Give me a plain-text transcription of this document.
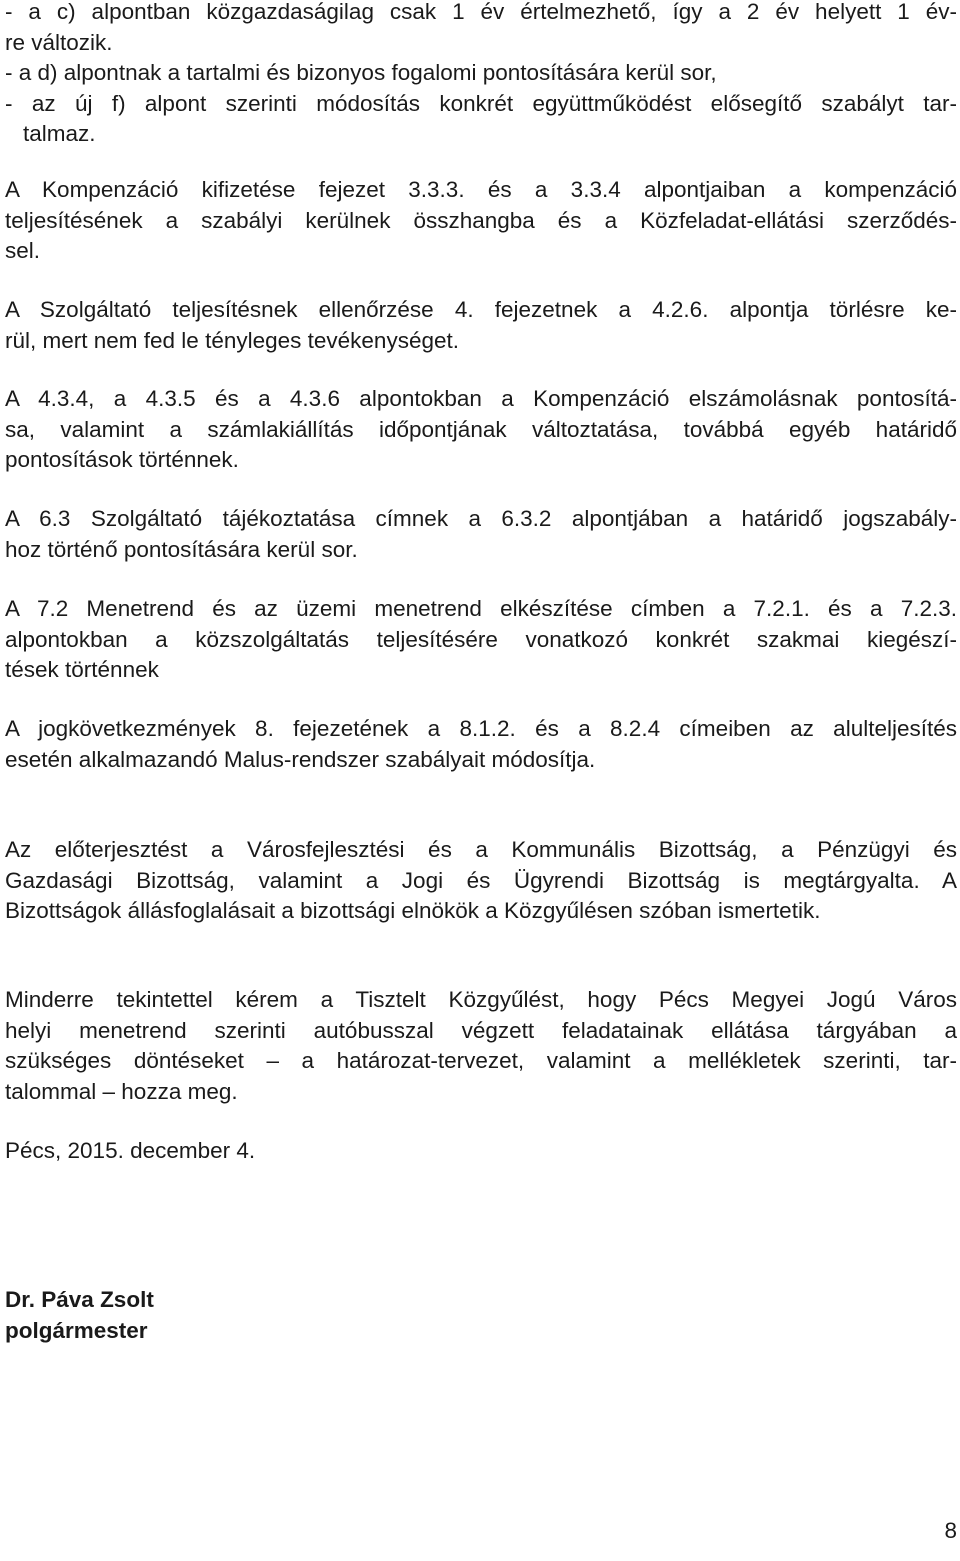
- a c) alpontban közgazdaságilag csak 1 év értelmezhető, így a 2 év helyett 1 év-
re változik.
- a d) alpontnak a tartalmi és bizonyos fogalomi pontosítására kerül sor,
- az új f) alpont szerinti módosítás konkrét együttműködést elősegítő szabályt tar-
talmaz.
A Kompenzáció kifizetése fejezet 3.3.3. és a 3.3.4 alpontjaiban a kompenzáció
teljesítésének a szabályi kerülnek összhangba és a Közfeladat-ellátási szerződés-
sel.
A Szolgáltató teljesítésnek ellenőrzése 4. fejezetnek a 4.2.6. alpontja törlésre ke-
rül, mert nem fed le tényleges tevékenységet.
A 4.3.4, a 4.3.5 és a 4.3.6 alpontokban a Kompenzáció elszámolásnak pontosítá-
sa, valamint a számlakiállítás időpontjának változtatása, továbbá egyéb határidő
pontosítások történnek.
A 6.3 Szolgáltató tájékoztatása címnek a 6.3.2 alpontjában a határidő jogszabály-
hoz történő pontosítására kerül sor.
A 7.2 Menetrend és az üzemi menetrend elkészítése címben a 7.2.1. és a 7.2.3.
alpontokban a közszolgáltatás teljesítésére vonatkozó konkrét szakmai kiegészí-
tések történnek
A jogkövetkezmények 8. fejezetének a 8.1.2. és a 8.2.4 címeiben az alulteljesítés
esetén alkalmazandó Malus-rendszer szabályait módosítja.
Az előterjesztést a Városfejlesztési és a Kommunális Bizottság, a Pénzügyi és
Gazdasági Bizottság, valamint a Jogi és Ügyrendi Bizottság is megtárgyalta. A
Bizottságok állásfoglalásait a bizottsági elnökök a Közgyűlésen szóban ismertetik.
Minderre tekintettel kérem a Tisztelt Közgyűlést, hogy Pécs Megyei Jogú Város
helyi menetrend szerinti autóbusszal végzett feladatainak ellátása tárgyában a
szükséges döntéseket – a határozat-tervezet, valamint a mellékletek szerinti, tar-
talommal – hozza meg.
Pécs, 2015. december 4.
Dr. Páva Zsolt
polgármester
8
